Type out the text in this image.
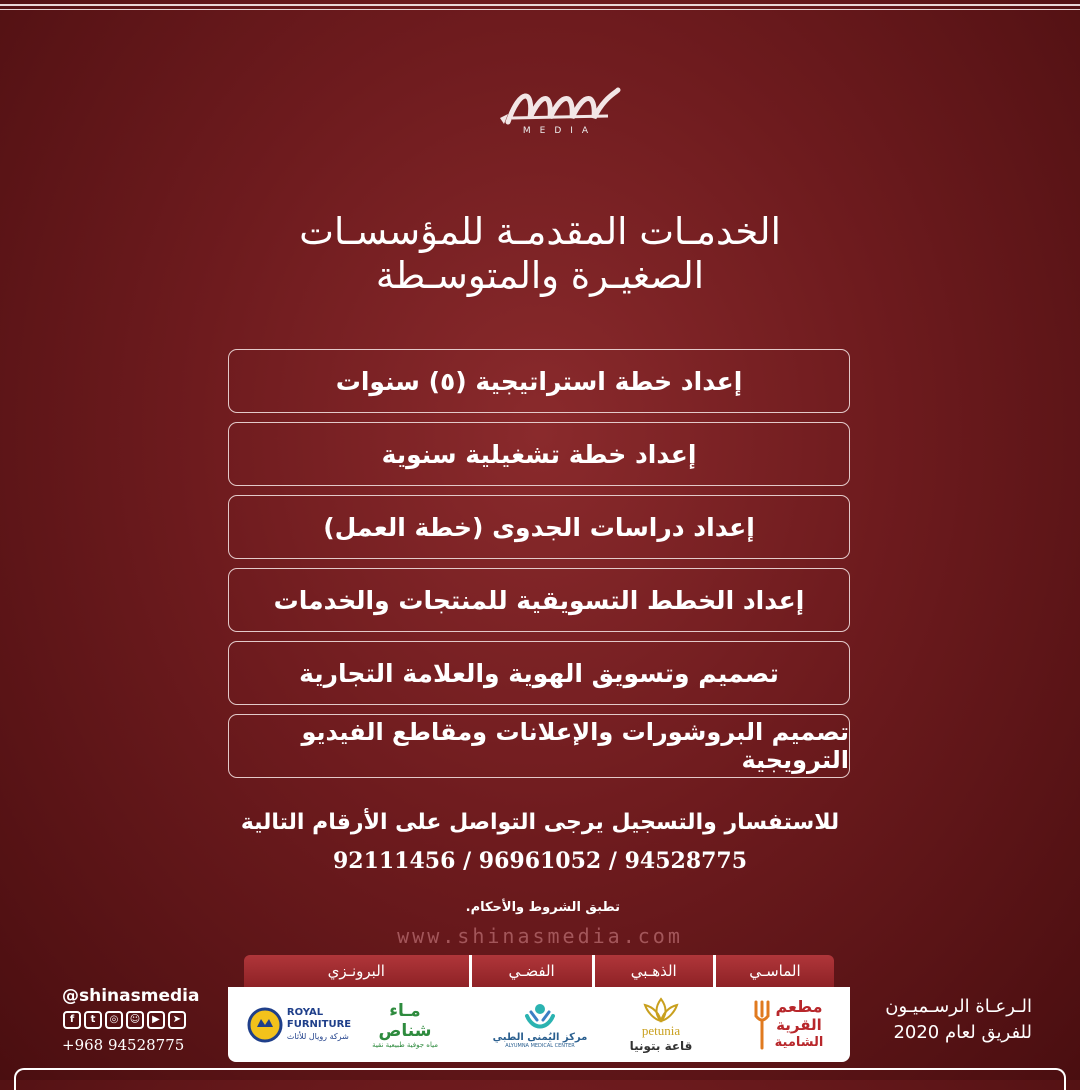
MEDIA
الخدمـات المقدمـة للمؤسسـات
الصغيـرة والمتوسـطة
إعداد خطة استراتيجية (٥) سنوات
إعداد خطة تشغيلية سنوية
إعداد دراسات الجدوى (خطة العمل)
إعداد الخطط التسويقية للمنتجات والخدمات
تصميم وتسويق الهوية والعلامة التجارية
تصميم البروشورات والإعلانات ومقاطع الفيديو الترويجية
للاستفسار والتسجيل يرجى التواصل على الأرقام التالية
92111456 / 96961052 / 94528775
تطبق الشروط والأحكام.
www.shinasmedia.com
الماسـي
الذهـبي
الفضـي
البرونـزي
مطعم
القرية
الشامية
petunia
قاعة بتونيا
مركز اليُمنى الطبي
ALYUMNA MEDICAL CENTER
مـاء شناص
مياه جوفية طبيعية نقية
ROYAL
FURNITURE
شركة رويال للأثاث
@shinasmedia
f	t	◎	☺	▶	➤
+968 94528775
الـرعـاة الرسـميـون
للفريق لعام 2020
